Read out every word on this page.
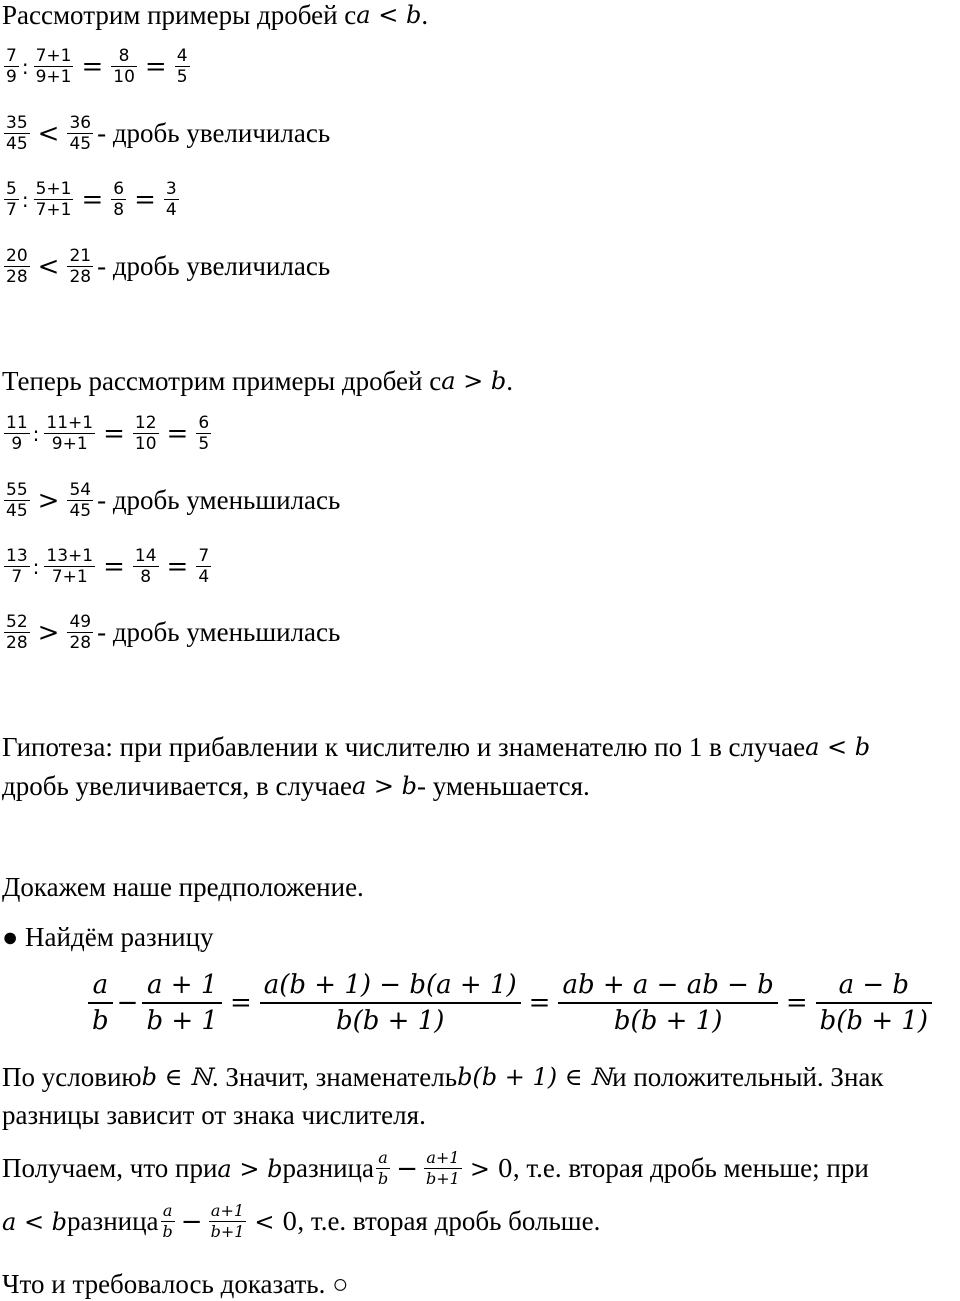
Рассмотрим примеры дробей с a < b .
$\frac{7}{9}$ : $\frac{7+1}{9+1} = \frac{8}{10} = \frac{4}{5}$
$\frac{35}{45} < \frac{36}{45}$ - дробь увеличилась
$\frac{5}{7}$ : $\frac{5+1}{7+1} = \frac{6}{8} = \frac{3}{4}$
$\frac{20}{28} < \frac{21}{28}$ - дробь увеличилась
Теперь рассмотрим примеры дробей с a > b .
$\frac{11}{9}$ : $\frac{11+1}{9+1} = \frac{12}{10} = \frac{6}{5}$
$\frac{55}{45} > \frac{54}{45}$ - дробь уменьшилась
$\frac{13}{7}$ : $\frac{13+1}{7+1} = \frac{14}{8} = \frac{7}{4}$
$\frac{52}{28} > \frac{49}{28}$ - дробь уменьшилась
Гипотеза: при прибавлении к числителю и знаменателю по 1 в случае a < b
дробь увеличивается, в случае a > b - уменьшается.
Докажем наше предположение.
● Найдём разницу
$\frac{a}{b} - \frac{a + 1}{b + 1} = \frac{a(b + 1) - b(a + 1)}{b(b + 1)} = \frac{ab + a - ab - b}{b(b + 1)} = \frac{a - b}{b(b + 1)}$
По условию b ∈ ℕ . Значит, знаменатель b(b + 1) ∈ ℕ и положительный. Знак
разницы зависит от знака числителя.
Получаем, что при a > b разница $\frac{a}{b} - \frac{a+1}{b+1} > 0$ , т.е. вторая дробь меньше; при
a < b разница $\frac{a}{b} - \frac{a+1}{b+1} < 0$ , т.е. вторая дробь больше.
Что и требовалось доказать. ○
